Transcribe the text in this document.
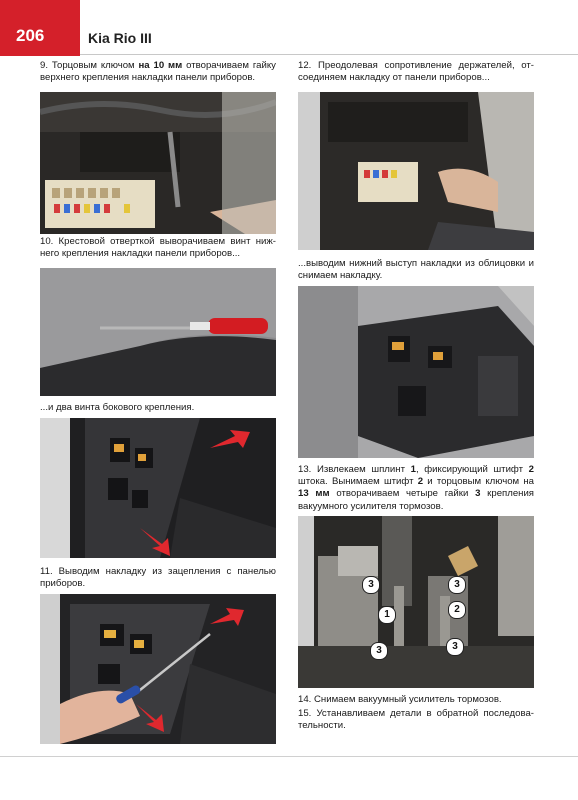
206	Kia Rio III
9. Торцовым ключом на 10 мм отворачиваем гайку верхнего крепления накладки панели приборов.
10. Крестовой отверткой выворачиваем винт нижнего крепления накладки панели приборов...
...и два винта бокового крепления.
11. Выводим накладку из зацепления с панелью приборов.
12. Преодолевая сопротивление держателей, отсоединяем накладку от панели приборов...
...выводим нижний выступ накладки из облицовки и снимаем накладку.
13. Извлекаем шплинт 1, фиксирующий штифт 2 штока. Вынимаем штифт 2 и торцовым ключом на 13 мм отворачиваем четыре гайки 3 крепления вакуумного усилителя тормозов.
3	3
1	2
3	3
14. Снимаем вакуумный усилитель тормозов.
15. Устанавливаем детали в обратной последовательности.
